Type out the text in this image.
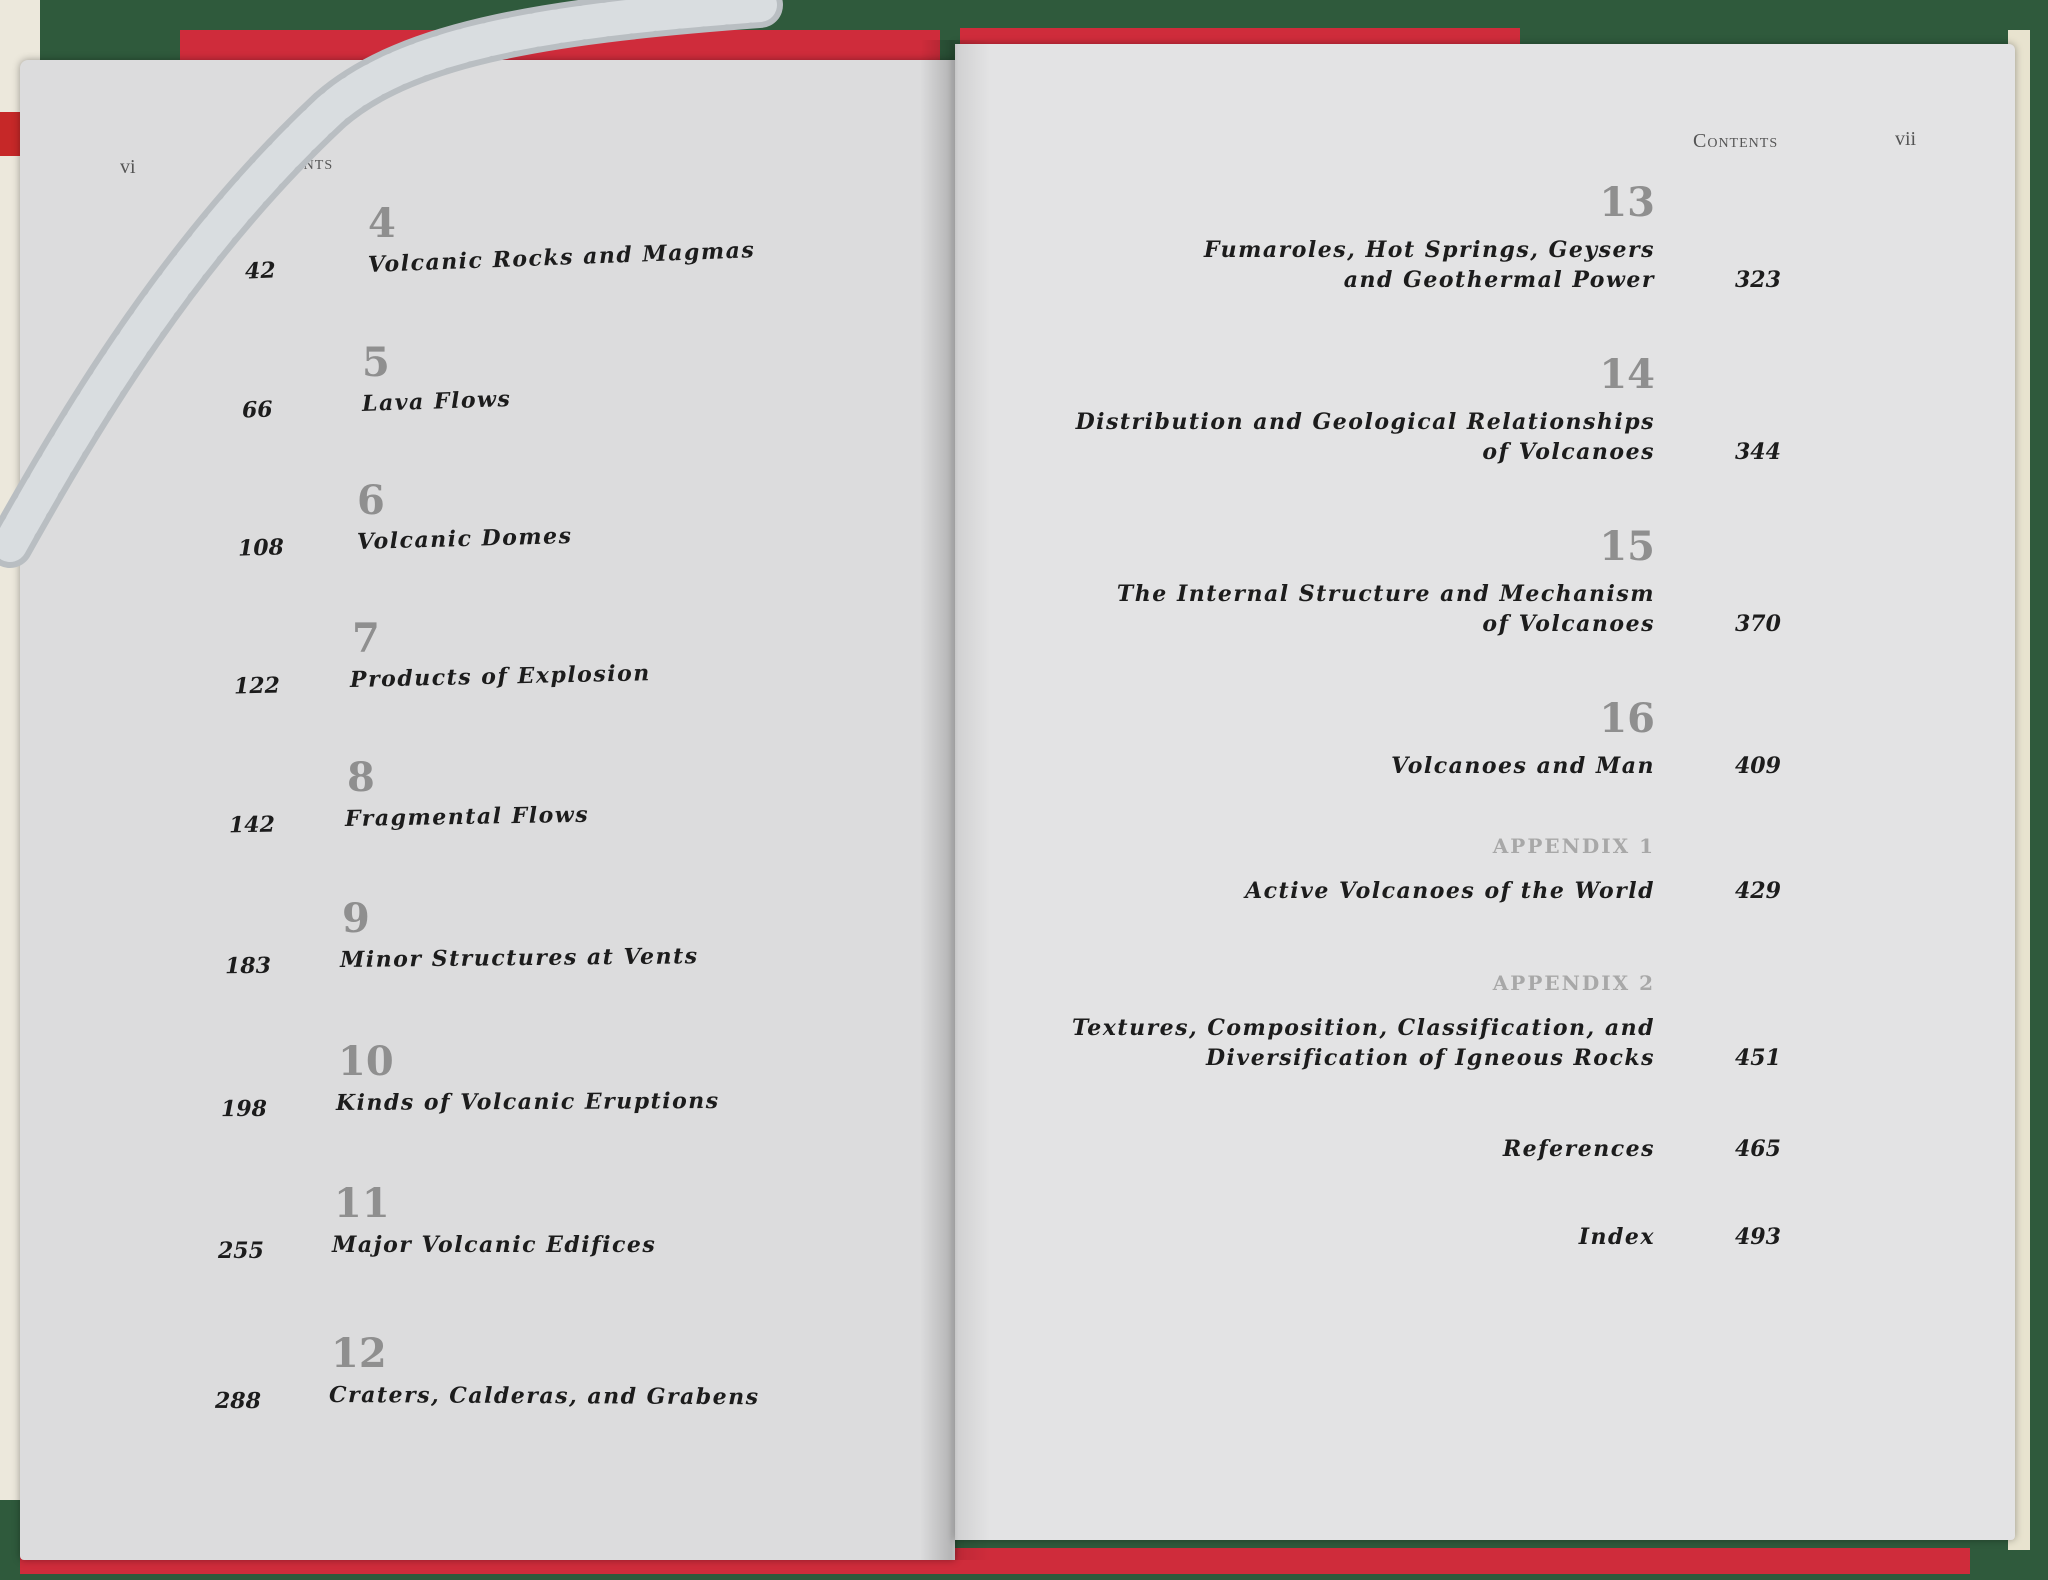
vi	Contents
4
42	Volcanic Rocks and Magmas
5
66	Lava Flows
6
108	Volcanic Domes
7
122	Products of Explosion
8
142	Fragmental Flows
9
183	Minor Structures at Vents
10
198	Kinds of Volcanic Eruptions
11
255	Major Volcanic Edifices
12
288	Craters, Calderas, and Grabens
Contents	vii
13
Fumaroles, Hot Springs, Geysers
and Geothermal Power	323
14
Distribution and Geological Relationships
of Volcanoes	344
15
The Internal Structure and Mechanism
of Volcanoes	370
16
Volcanoes and Man	409
APPENDIX 1
Active Volcanoes of the World	429
APPENDIX 2
Textures, Composition, Classification, and
Diversification of Igneous Rocks	451
References	465
Index	493
